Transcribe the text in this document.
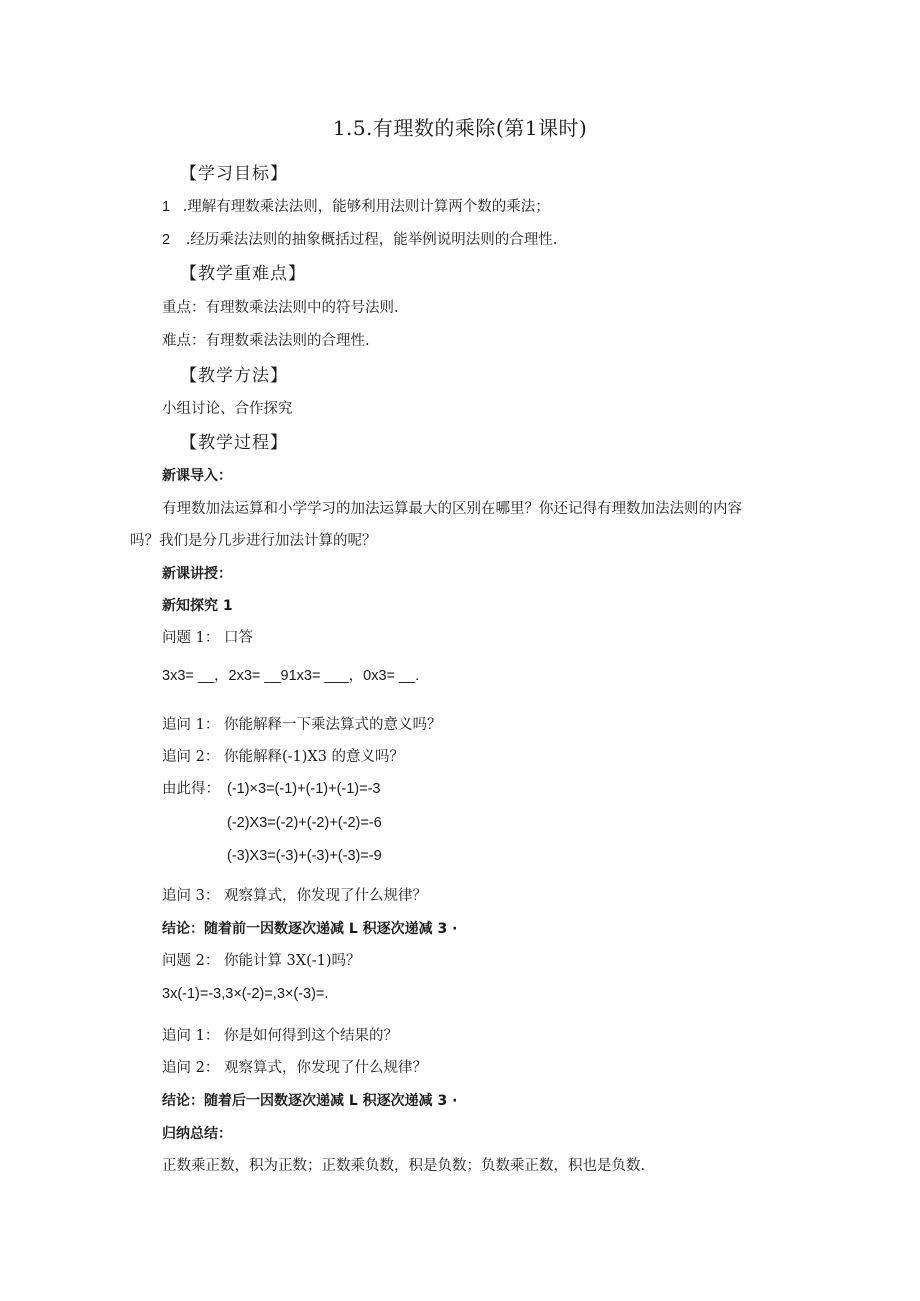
1.5.有理数的乘除(第1课时)
【学习目标】
1 .理解有理数乘法法则，能够利用法则计算两个数的乘法；
2 .经历乘法法则的抽象概括过程，能举例说明法则的合理性.
【教学重难点】
重点：有理数乘法法则中的符号法则.
难点：有理数乘法法则的合理性.
【教学方法】
小组讨论、合作探究
【教学过程】
新课导入：
有理数加法运算和小学学习的加法运算最大的区别在哪里？你还记得有理数加法法则的内容
吗？我们是分几步进行加法计算的呢？
新课讲授：
新知探究 1
问题 1： 口答
3x3= __，2x3= __91x3= ___，0x3= __.
追问 1： 你能解释一下乘法算式的意义吗？
追问 2： 你能解释(-1)X3 的意义吗？
由此得： (-1)×3=(-1)+(-1)+(-1)=-3
(-2)X3=(-2)+(-2)+(-2)=-6
(-3)X3=(-3)+(-3)+(-3)=-9
追问 3： 观察算式，你发现了什么规律？
结论：随着前一因数逐次递减 L 积逐次递减 3 ·
问题 2： 你能计算 3X(-1)吗？
3x(-1)=-3,3×(-2)=,3×(-3)=.
追问 1： 你是如何得到这个结果的？
追问 2： 观察算式，你发现了什么规律？
结论：随着后一因数逐次递减 L 积逐次递减 3 ·
归纳总结：
正数乘正数，积为正数；正数乘负数，积是负数；负数乘正数，积也是负数.
